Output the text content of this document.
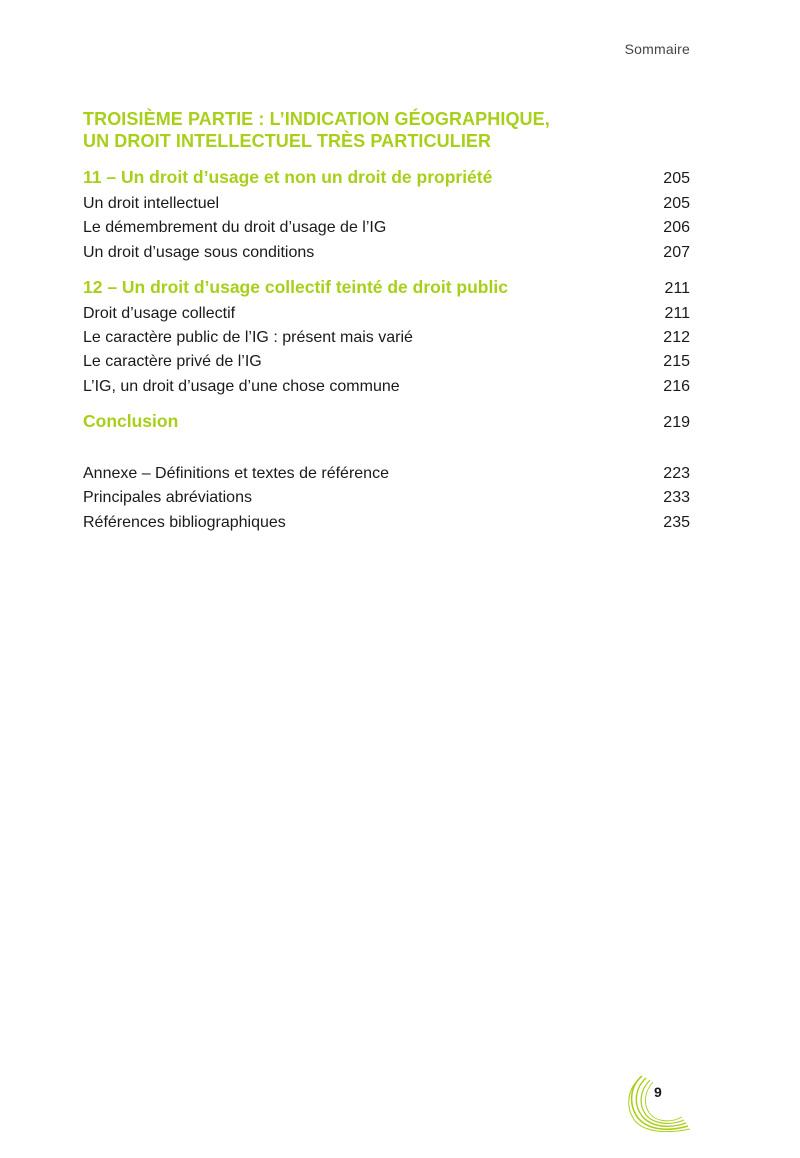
Sommaire
TROISIÈME PARTIE : L’INDICATION GÉOGRAPHIQUE,
UN DROIT INTELLECTUEL TRÈS PARTICULIER
11 – Un droit d’usage et non un droit de propriété	205
Un droit intellectuel	205
Le démembrement du droit d’usage de l’IG	206
Un droit d’usage sous conditions	207
12 – Un droit d’usage collectif teinté de droit public	211
Droit d’usage collectif	211
Le caractère public de l’IG : présent mais varié	212
Le caractère privé de l’IG	215
L’IG, un droit d’usage d’une chose commune	216
Conclusion	219
Annexe – Définitions et textes de référence	223
Principales abréviations	233
Références bibliographiques	235
9
